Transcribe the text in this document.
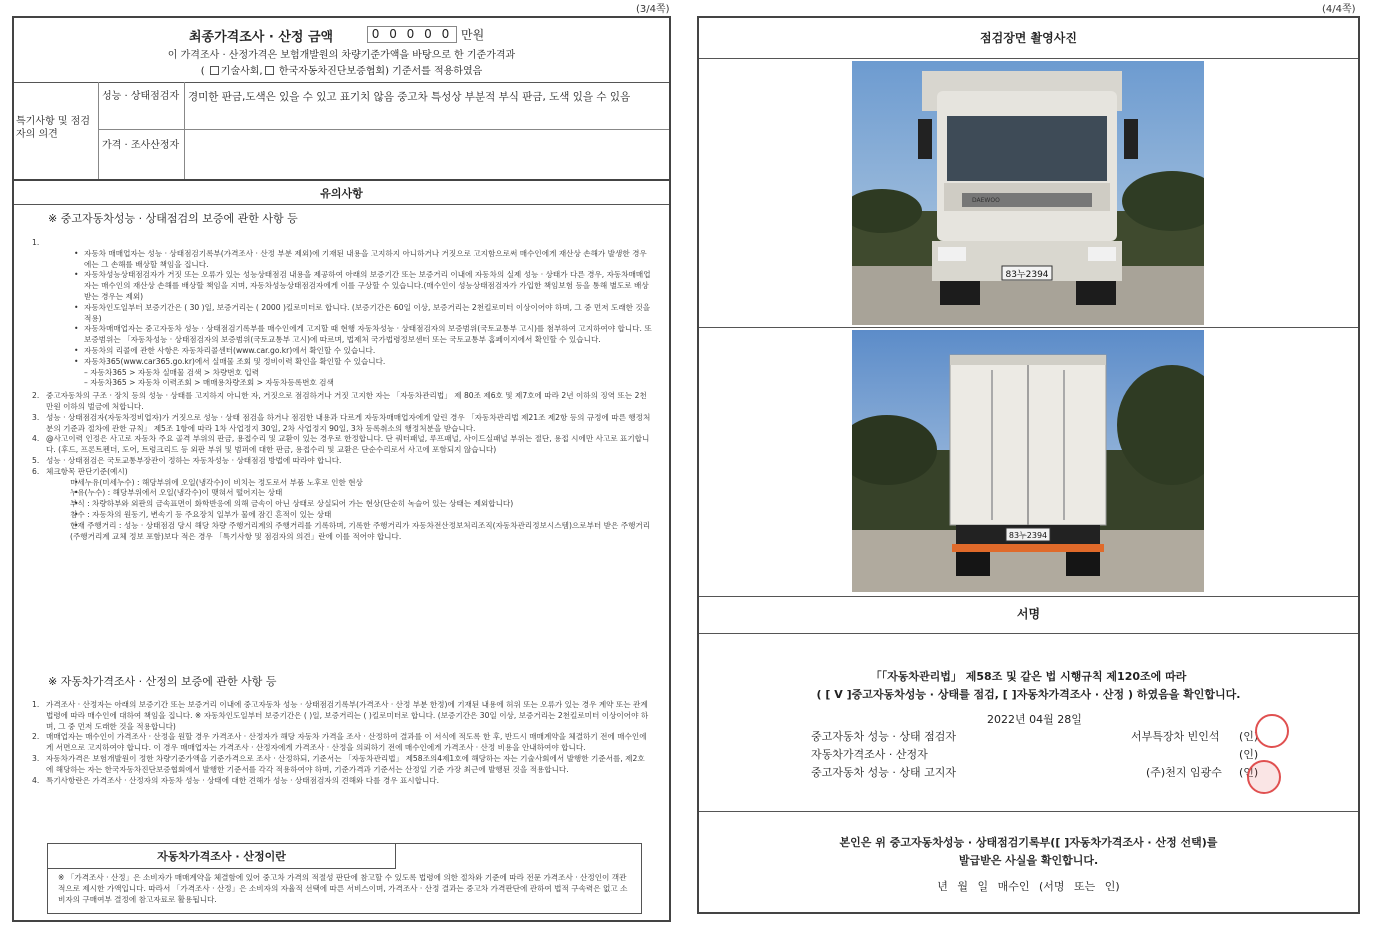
(3/4쪽)	(4/4쪽)
최종가격조사 · 산정 금액	0 0 0 0 0 만원
이 가격조사 · 산정가격은 보험개발원의 차량기준가액을 바탕으로 한 기준가격과
( 기술사회, 한국자동차진단보증협회) 기준서를 적용하였음
특기사항 및 점검자의 의견
성능 · 상태점검자 경미한 판금,도색은 있을 수 있고 표기치 않음 중고차 특성상 부분적 부식 판금, 도색 있을 수 있음
가격 · 조사산정자
유의사항
※ 중고자동차성능 · 상태점검의 보증에 관한 사항 등

1.

• 자동차 매매업자는 성능 · 상태점검기록부(가격조사 · 산정 부분 제외)에 기재된 내용을 고지하지 아니하거나 거짓으로 고지함으로써 매수인에게 재산상 손해가 발생한 경우에는 그 손해를 배상할 책임을 집니다.

• 자동차성능상태점검자가 거짓 또는 오류가 있는 성능상태점검 내용을 제공하여 아래의 보증기간 또는 보증거리 이내에 자동차의 실제 성능 · 상태가 다른 경우, 자동차매매업자는 매수인의 재산상 손해를 배상할 책임을 지며, 자동차성능상태점검자에게 이를 구상할 수 있습니다.(매수인이 성능상태점검자가 가입한 책임보험 등을 통해 별도로 배상받는 경우는 제외)

• 자동차인도일부터 보증기간은 ( 30 )일, 보증거리는 ( 2000 )킬로미터로 합니다. (보증기간은 60일 이상, 보증거리는 2천킬로미터 이상이어야 하며, 그 중 먼저 도래한 것을 적용)

• 자동차매매업자는 중고자동차 성능 · 상태점검기록부를 매수인에게 고지할 때 현행 자동차성능 · 상태점검자의 보증범위(국토교통부 고시)를 첨부하여 고지하여야 합니다. 또 보증범위는 「자동차성능 · 상태점검자의 보증범위(국토교통부 고시)에 따르며, 법제처 국가법령정보센터 또는 국토교통부 홈페이지에서 확인할 수 있습니다.

• 자동차의 리콜에 관한 사항은 자동차리콜센터(www.car.go.kr)에서 확인할 수 있습니다.

• 자동차365(www.car365.go.kr)에서 실매물 조회 및 정비이력 확인을 확인할 수 있습니다.

– 자동차365 > 자동차 실매물 검색 > 차량번호 입력

– 자동차365 > 자동차 이력조회 > 매매용차량조회 > 자동차등록번호 검색

2. 중고자동차의 구조 · 장치 등의 성능 · 상태를 고지하지 아니한 자, 거짓으로 점검하거나 거짓 고지한 자는 「자동차관리법」 제 80조 제6호 및 제7호에 따라 2년 이하의 징역 또는 2천만원 이하의 벌금에 처합니다.

3. 성능 · 상태점검자(자동차정비업자)가 거짓으로 성능 · 상태 점검을 하거나 점검한 내용과 다르게 자동차매매업자에게 알린 경우 「자동차관리법 제21조 제2항 등의 규정에 따른 행정처분의 기준과 절차에 관한 규칙」 제5조 1항에 따라 1차 사업정지 30일, 2차 사업정지 90일, 3차 등록취소의 행정처분을 받습니다.

4. @사고이력 인정은 사고로 자동차 주요 골격 부위의 판금, 용접수리 및 교환이 있는 경우로 한정합니다. 단 쿼터패널, 루프패널, 사이드실패널 부위는 절단, 용접 시에만 사고로 표기합니다. (후드, 프론트펜더, 도어, 트렁크리드 등 외판 부위 및 범퍼에 대한 판금, 용접수리 및 교환은 단순수리로서 사고에 포함되지 않습니다)

5. 성능 · 상태점검은 국토교통부장관이 정하는 자동차성능 · 상태점검 방법에 따라야 합니다.

6. 체크항목 판단기준(예시)

• 미세누유(미세누수) : 해당부위에 오일(냉각수)이 비치는 정도로서 부품 노후로 인한 현상

• 누유(누수) : 해당부위에서 오일(냉각수)이 맺혀서 떨어지는 상태

• 부식 : 차량하부와 외판의 금속표면이 화학반응에 의해 금속이 아닌 상태로 상실되어 가는 현상(단순히 녹슬어 있는 상태는 제외합니다)

• 침수 : 자동차의 원동기, 변속기 등 주요장치 일부가 물에 잠긴 흔적이 있는 상태

• 현재 주행거리 : 성능 · 상태점검 당시 해당 차량 주행거리계의 주행거리를 기록하며, 기록한 주행거리가 자동차전산정보처리조직(자동차관리정보시스템)으로부터 받은 주행거리(주행거리계 교체 정보 포함)보다 적은 경우 「특기사항 및 점검자의 의견」란에 이를 적어야 합니다.

※ 자동차가격조사 · 산정의 보증에 관한 사항 등

1. 가격조사 · 산정자는 아래의 보증기간 또는 보증거리 이내에 중고자동차 성능 · 상태점검기록부(가격조사 · 산정 부분 한정)에 기재된 내용에 허위 또는 오류가 있는 경우 계약 또는 관계법령에 따라 매수인에 대하여 책임을 집니다. ※ 자동차인도일부터 보증기간은 ( )일, 보증거리는 ( )킬로미터로 합니다. (보증기간은 30일 이상, 보증거리는 2천킬로미터 이상이어야 하며, 그 중 먼저 도래한 것을 적용합니다)

2. 매매업자는 매수인이 가격조사 · 산정을 원할 경우 가격조사 · 산정자가 해당 자동차 가격을 조사 · 산정하여 결과를 이 서식에 적도록 한 후, 반드시 매매계약을 체결하기 전에 매수인에게 서면으로 고지하여야 합니다. 이 경우 매매업자는 가격조사 · 산정자에게 가격조사 · 산정을 의뢰하기 전에 매수인에게 가격조사 · 산정 비용을 안내하여야 합니다.

3. 자동차가격은 보험개발원이 정한 차량기준가액을 기준가격으로 조사 · 산정하되, 기준서는 「자동차관리법」 제58조의4제1호에 해당하는 자는 기술사회에서 발행한 기준서를, 제2호에 해당하는 자는 한국자동차진단보증협회에서 발행한 기준서를 각각 적용하여야 하며, 기준가격과 기준서는 산정일 기준 가장 최근에 발행된 것을 적용합니다.

4. 특기사항란은 가격조사 · 산정자의 자동차 성능 · 상태에 대한 견해가 성능 · 상태점검자의 견해와 다를 경우 표시합니다.

자동차가격조사 · 산정이란
※ 「가격조사 · 산정」은 소비자가 매매계약을 체결함에 있어 중고차 가격의 적절성 판단에 참고할 수 있도록 법령에 의한 절차와 기준에 따라 전문 가격조사 · 산정인이 객관적으로 제시한 가액입니다. 따라서 「가격조사 · 산정」은 소비자의 자율적 선택에 따른 서비스이며, 가격조사 · 산정 결과는 중고차 가격판단에 관하여 법적 구속력은 없고 소비자의 구매여부 결정에 참고자료로 활용됩니다.
점검장면 촬영사진
83누2394
DAEWOO
83누2394
서명
「「자동차관리법」 제58조 및 같은 법 시행규칙 제120조에 따라
( [ V ]중고자동차성능 · 상태를 점검, [ ]자동차가격조사 · 산정 ) 하였음을 확인합니다.
2022년 04월 28일
중고자동차 성능 · 상태 점검자	서부특장차 빈인석 (인)
자동차가격조사 · 산정자	(인)
중고자동차 성능 · 상태 고지자	(주)천지 임광수 (인)
본인은 위 중고자동차성능 · 상태점검기록부([ ]자동차가격조사 · 산정 선택)를
발급받은 사실을 확인합니다.
년 월 일 매수인 (서명 또는 인)
